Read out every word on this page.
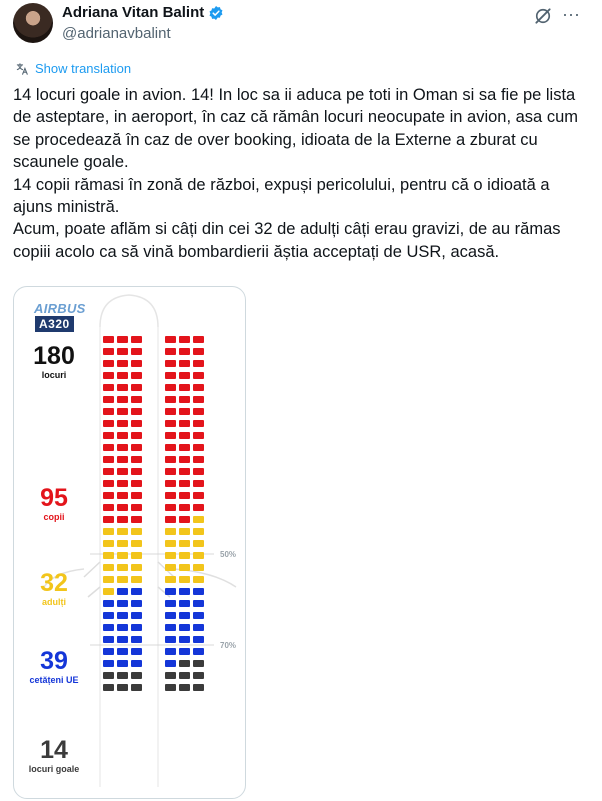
Adriana Vitan Balint
@adrianavbalint
···
Show translation

14 locuri goale in avion. 14! In loc sa ii aduca pe toti in Oman si sa fie pe lista de asteptare, in aeroport, în caz că rămân locuri neocupate in avion, asa cum se procedează în caz de over booking, idioata de la Externe a zburat cu scaunele goale.

14 copii rămasi în zonă de război, expuși pericolului, pentru că o idioată a ajuns ministră.

Acum, poate aflăm si câți din cei 32 de adulți câți erau gravizi, de au rămas copiii acolo ca să vină bombardierii ăștia acceptați de USR, acasă.

AIRBUS
A320
180
locuri
95
copii
32
adulți
39
cetățeni UE
14
locuri goale
50%
70%
